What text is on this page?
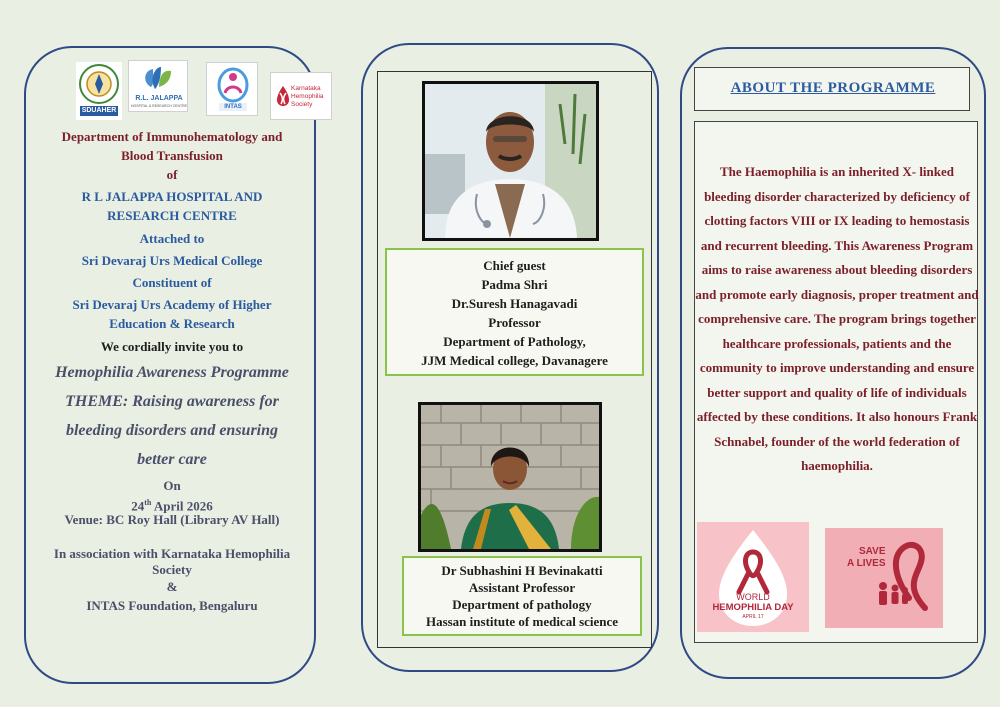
SDUAHER
R.L. JALAPPA
HOSPITAL & RESEARCH CENTRE	INTAS
Karnataka Hemophilia Society
Department of Immunohematology and
Blood Transfusion
of
R L JALAPPA HOSPITAL AND
RESEARCH CENTRE
Attached to
Sri Devaraj Urs Medical College
Constituent of
Sri Devaraj Urs Academy of Higher
Education & Research
We cordially invite you to
Hemophilia Awareness Programme
THEME: Raising awareness for
bleeding disorders and ensuring
better care
On
24th April 2026
Venue: BC Roy Hall (Library AV Hall)
In association with Karnataka Hemophilia
Society
&
INTAS Foundation, Bengaluru
Chief guest
Padma Shri
Dr.Suresh Hanagavadi
Professor
Department of Pathology,
JJM Medical college, Davanagere
Dr Subhashini H Bevinakatti
Assistant Professor
Department of pathology
Hassan institute of medical science
ABOUT THE PROGRAMME
The Haemophilia is an inherited X- linked bleeding disorder characterized by deficiency of clotting factors VIII or IX leading to hemostasis and recurrent bleeding. This Awareness Program aims to raise awareness about bleeding disorders and promote early diagnosis, proper treatment and comprehensive care. The program brings together healthcare professionals, patients and the community to improve understanding and ensure better support and quality of life of individuals affected by these conditions. It also honours Frank Schnabel, founder of the world federation of haemophilia.
WORLD
HEMOPHILIA DAY
APRIL 17
SAVE
A LIVES
